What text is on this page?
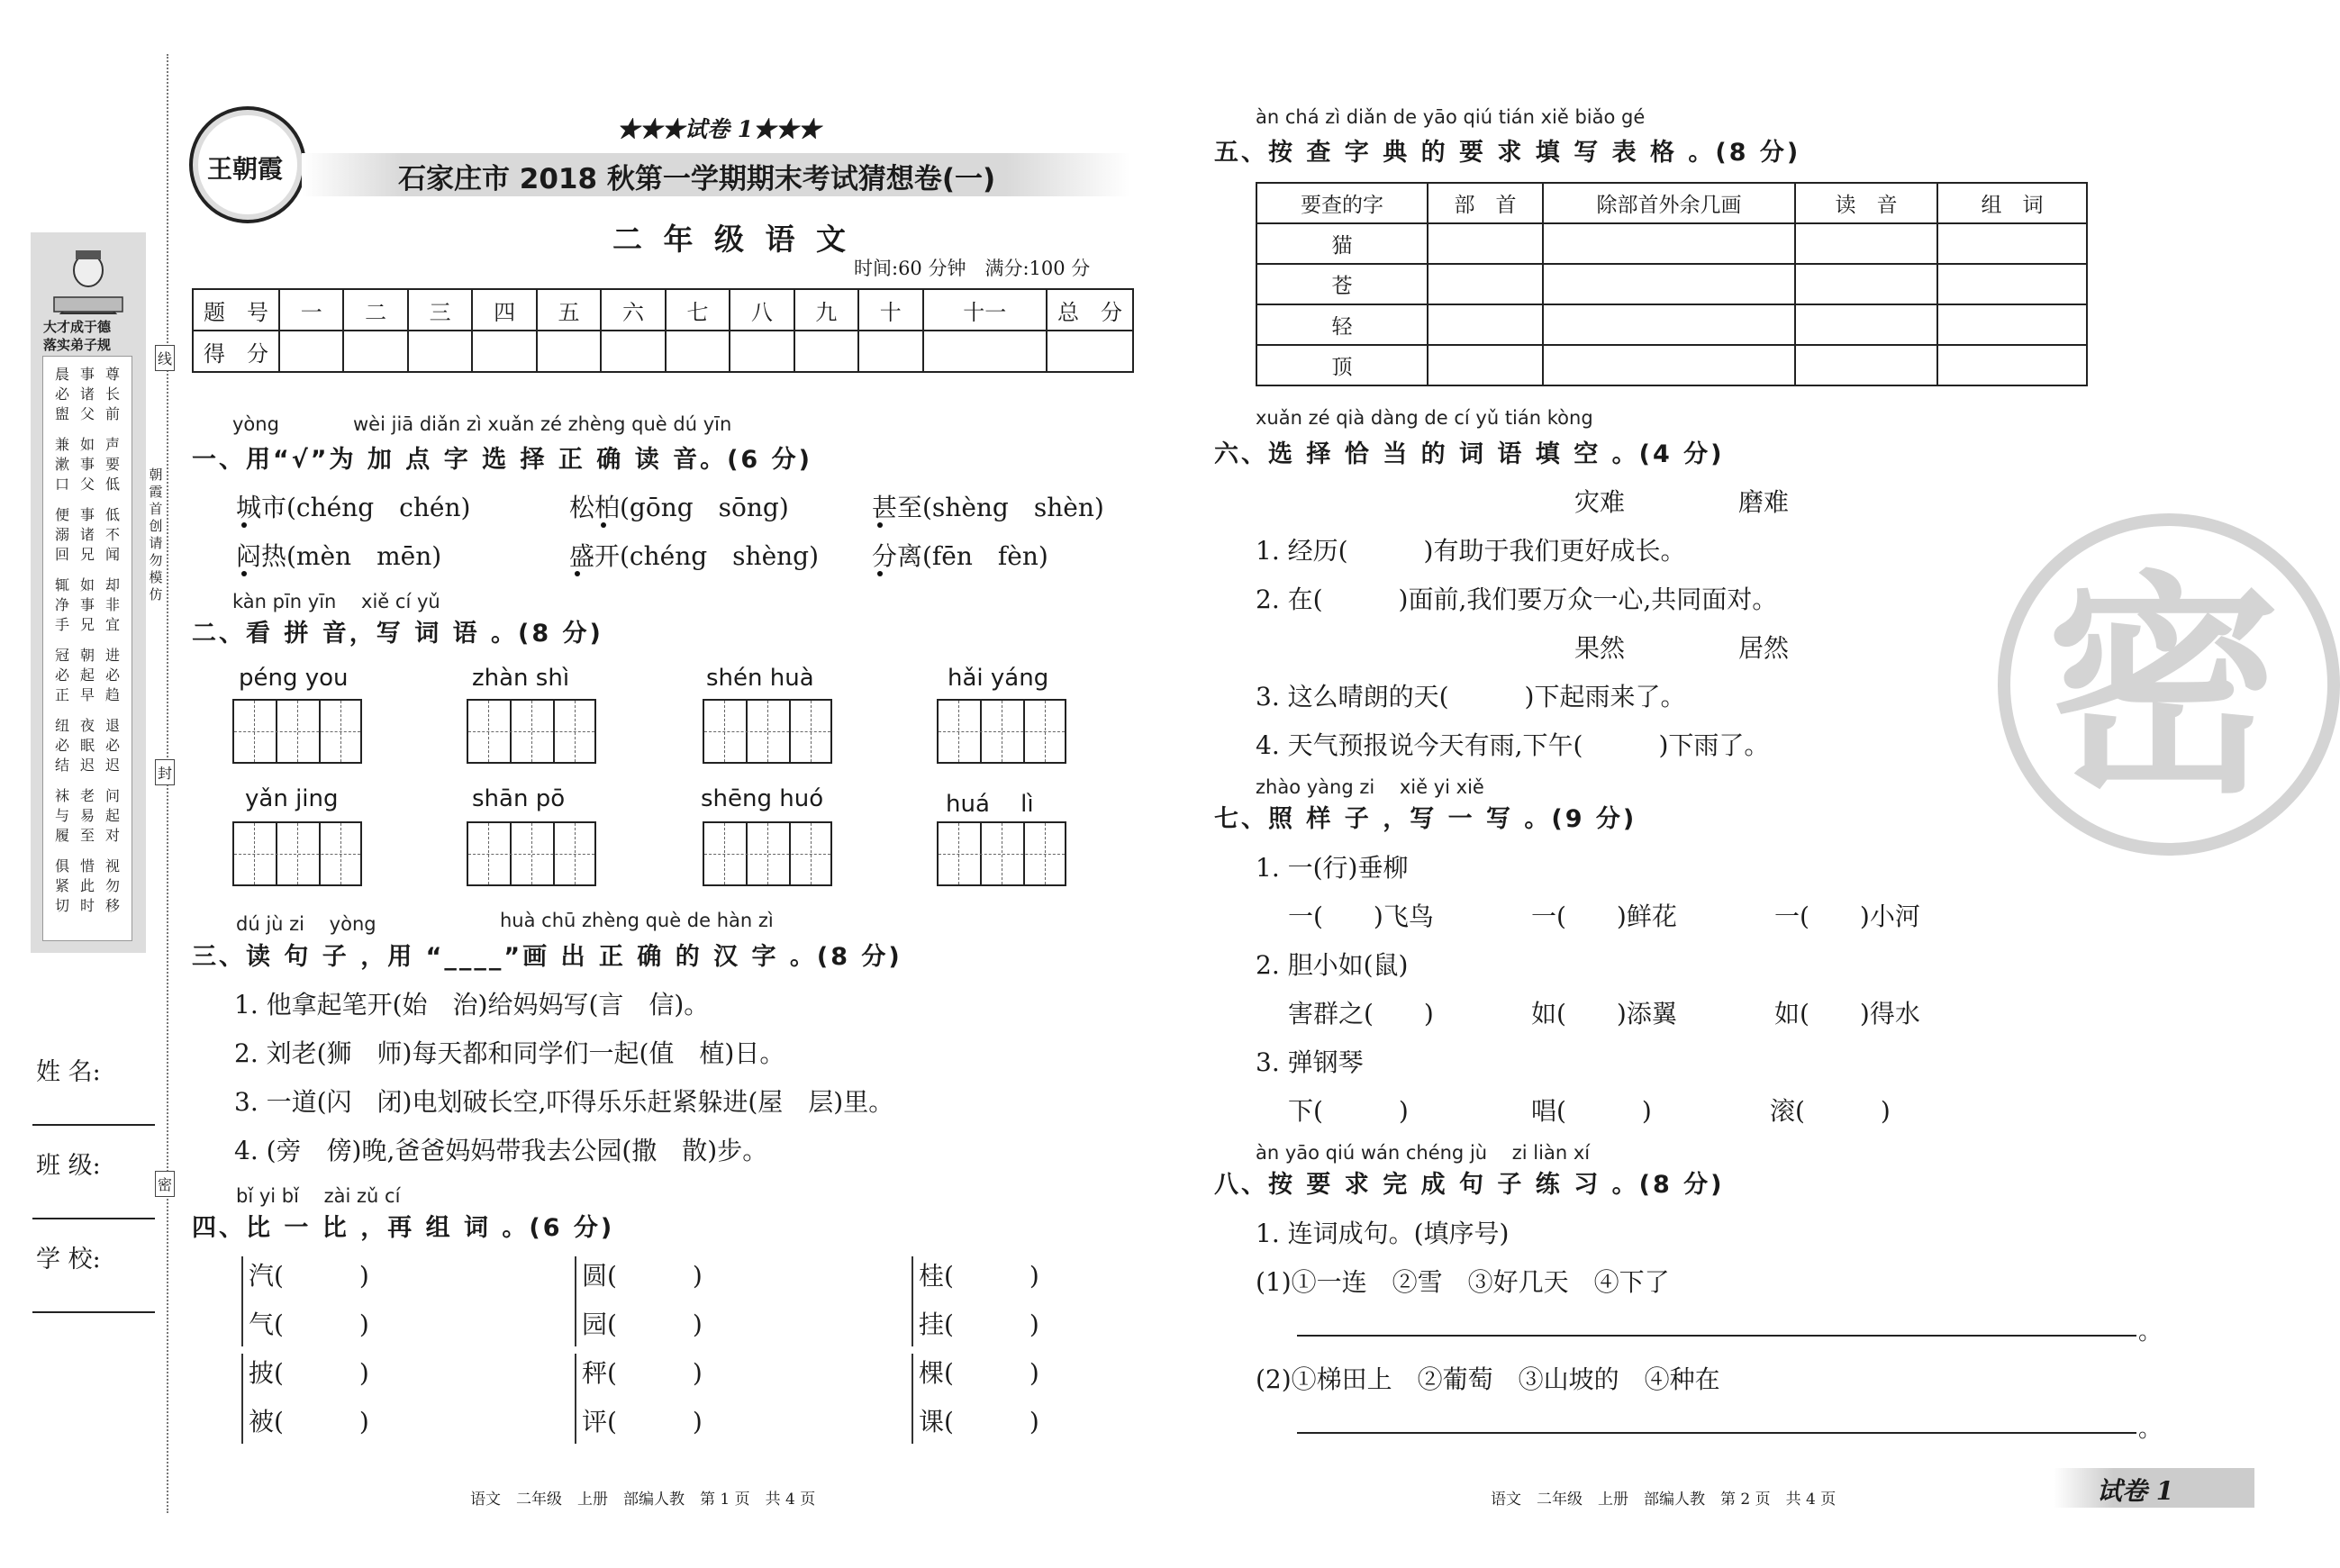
大才成于德
落实弟子规
晨必盥
事诸父
尊长前
兼漱口
如事父
声要低
便溺回
事诸兄
低不闻
辄净手
如事兄
却非宜
冠必正
朝起早
进必趋
纽必结
夜眠迟
退必迟
袜与履
老易至
问起对
俱紧切
惜此时
视勿移
线
封
密
朝霞首创 请勿模仿
姓 名:
班 级:
学 校:
王朝霞
★★★试卷 1★★★
石家庄市 2018 秋第一学期期末考试猜想卷(一)
二 年 级 语 文
时间:60 分钟　满分:100 分
题　号	一	二	三	四	五	六	七	八	九	十	十一	总　分
得　分												
yòng	wèi jiā diǎn zì xuǎn zé zhèng què dú yīn
一、用“√”为 加 点 字 选 择 正 确 读 音。(6 分)
城市(chéng　chén)	松柏(gōng　sōng)	甚至(shèng　shèn)
闷热(mèn　mēn)	盛开(chéng　shèng) 分离(fēn　fèn)
kàn pīn yīn　 xiě cí yǔ
二、看 拼 音，写 词 语 。(8 分)
péng you	zhàn shì	shén huà	hǎi yáng
yǎn jing	shān pō	shēng huó	huá　 lì
dú jù zi　 yòng	huà chū zhèng què de hàn zì
三、读 句 子 ，用 “____”画 出 正 确 的 汉 字 。(8 分)
1. 他拿起笔开(始　治)给妈妈写(言　信)。
2. 刘老(狮　师)每天都和同学们一起(值　植)日。
3. 一道(闪　闭)电划破长空,吓得乐乐赶紧躲进(屋　层)里。
4. (旁　傍)晚,爸爸妈妈带我去公园(撒　散)步。
bǐ yi bǐ　 zài zǔ cí
四、比 一 比 ，再 组 词 。(6 分)
汽(　　　)	圆(　　　)	桂(　　　)
气(　　　)	园(　　　)	挂(　　　)
披(　　　)	秤(　　　)	棵(　　　)
被(　　　)	评(　　　)	课(　　　)
语文　二年级　上册　部编人教　第 1 页　共 4 页
àn chá zì diǎn de yāo qiú tián xiě biǎo gé
五、按 查 字 典 的 要 求 填 写 表 格 。(8 分)
要查的字	部　首	除部首外余几画	读　音	组　词
猫				
苍				
轻				
顶				
xuǎn zé qià dàng de cí yǔ tián kòng
六、选 择 恰 当 的 词 语 填 空 。(4 分)
灾难	磨难
1. 经历(　　　)有助于我们更好成长。
2. 在(　　　)面前,我们要万众一心,共同面对。
果然	居然
3. 这么晴朗的天(　　　)下起雨来了。
4. 天气预报说今天有雨,下午(　　　)下雨了。
zhào yàng zi　 xiě yi xiě
七、照 样 子 ，写 一 写 。(9 分)
1. 一(行)垂柳
一(　　)飞鸟	一(　　)鲜花	一(　　)小河
2. 胆小如(鼠)
害群之(　　)	如(　　)添翼	如(　　)得水
3. 弹钢琴
下(　　　)	唱(　　　)	滚(　　　)
àn yāo qiú wán chéng jù　 zi liàn xí
八、按 要 求 完 成 句 子 练 习 。(8 分)
1. 连词成句。(填序号)
(1)①一连　②雪　③好几天　④下了
。
(2)①梯田上　②葡萄　③山坡的　④种在
。
语文　二年级　上册　部编人教　第 2 页　共 4 页	试卷 1
密
